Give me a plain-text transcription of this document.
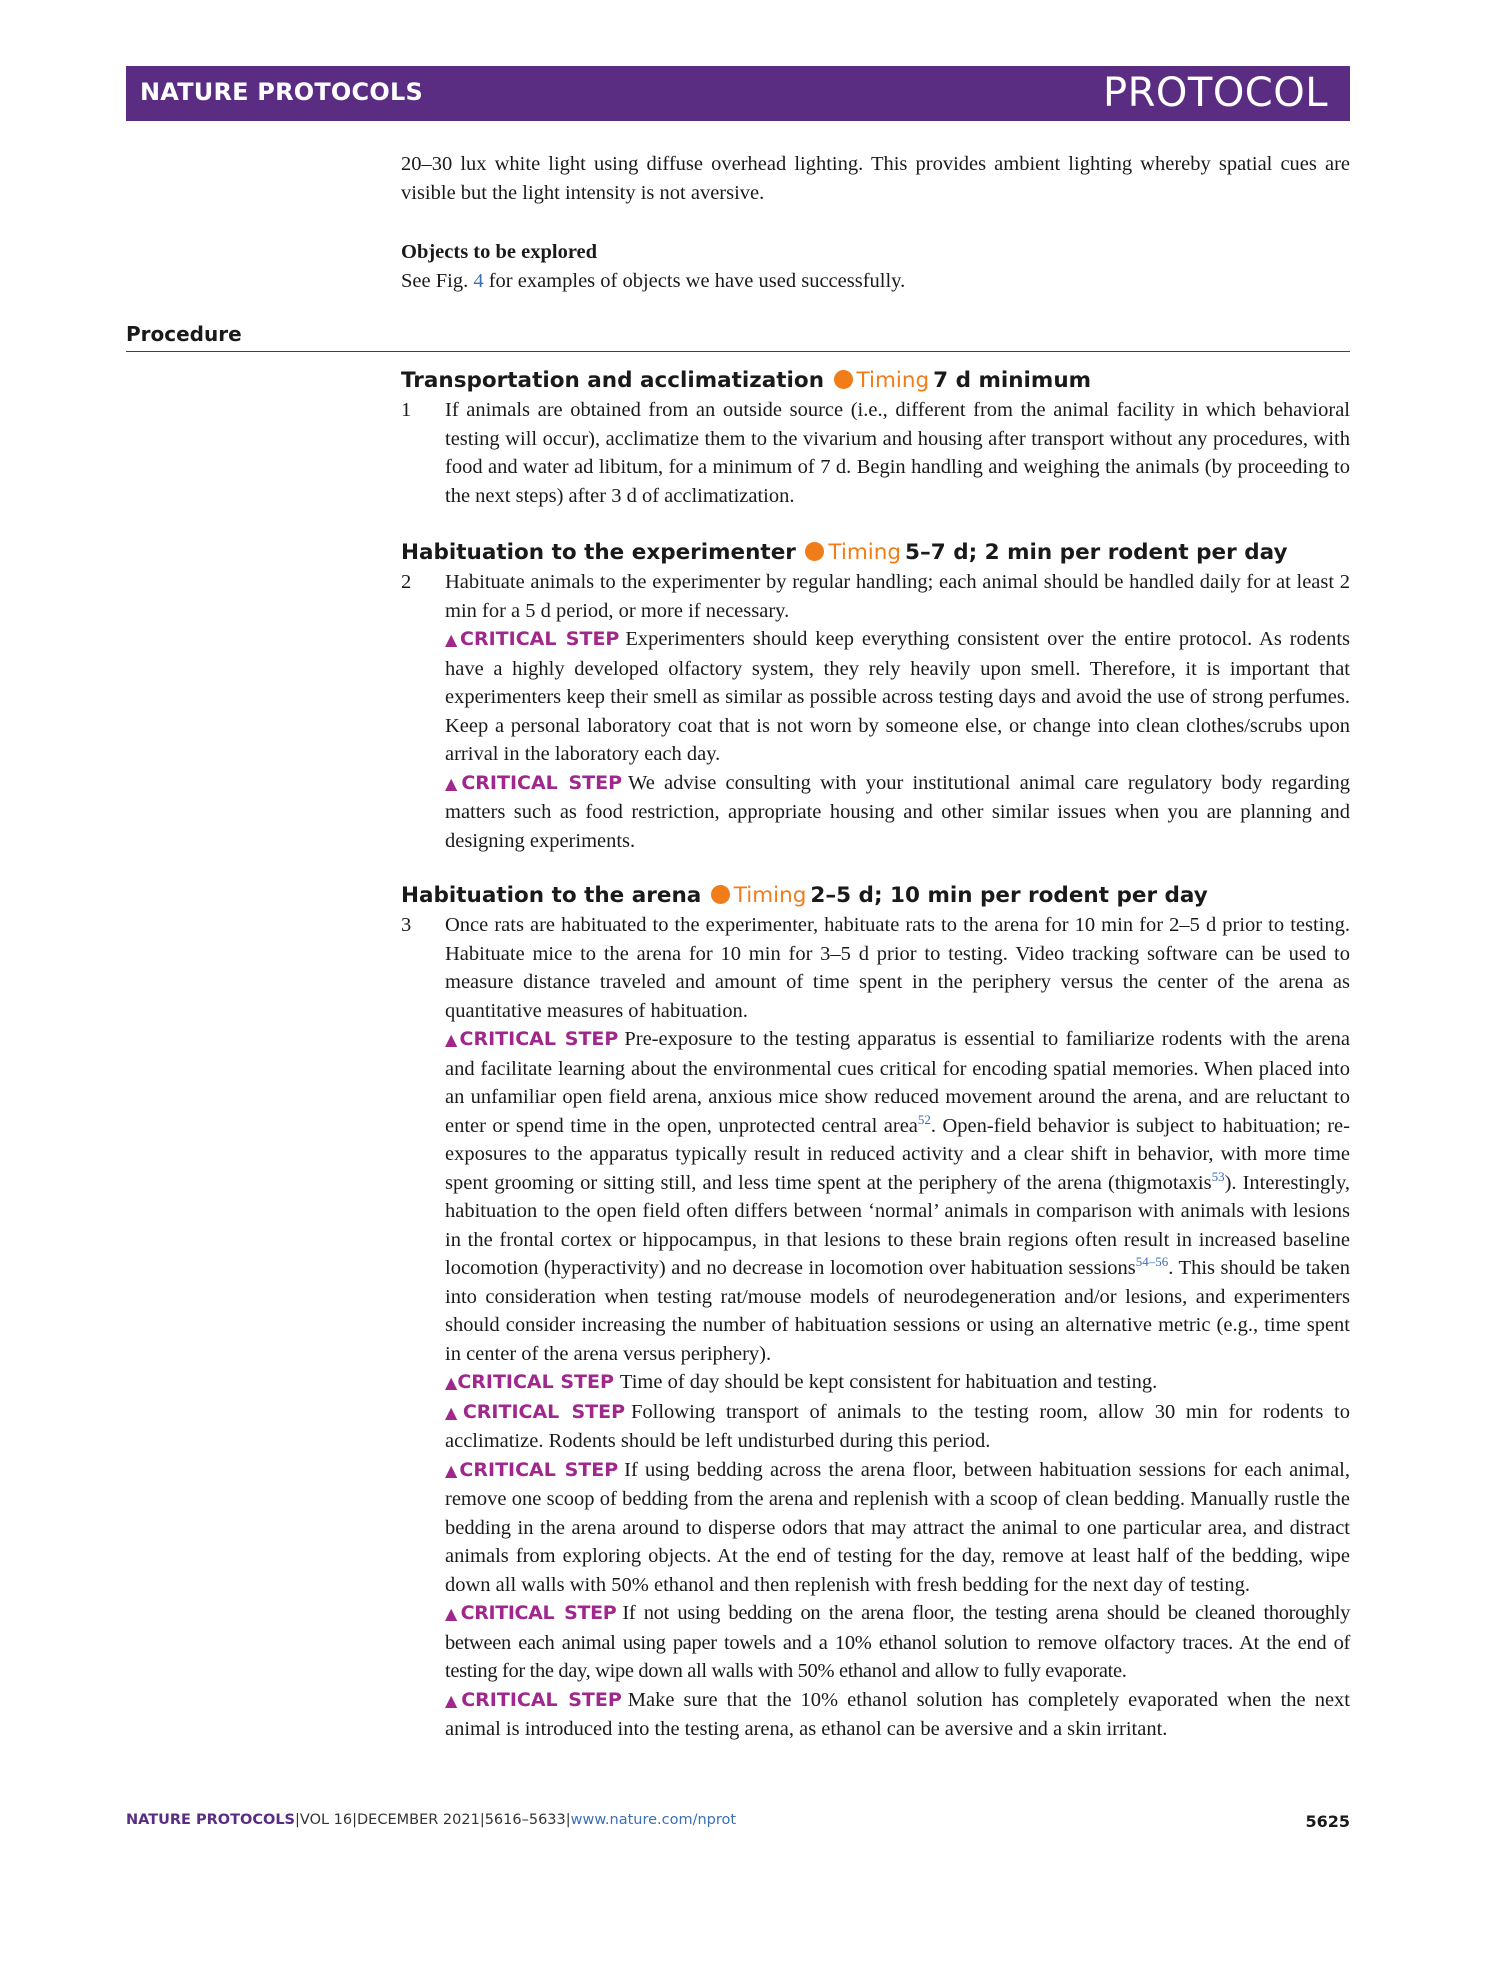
NATURE PROTOCOLS	PROTOCOL

20–30 lux white light using diffuse overhead lighting. This provides ambient lighting whereby spatial cues are visible but the light intensity is not aversive.

Objects to be explored

See Fig. 4 for examples of objects we have used successfully.

Procedure
Transportation and acclimatization Timing 7 d minimum
1 If animals are obtained from an outside source (i.e., different from the animal facility in which behavioral testing will occur), acclimatize them to the vivarium and housing after transport without any procedures, with food and water ad libitum, for a minimum of 7 d. Begin handling and weighing the animals (by proceeding to the next steps) after 3 d of acclimatization.

Habituation to the experimenter Timing 5–7 d; 2 min per rodent per day
2 Habituate animals to the experimenter by regular handling; each animal should be handled daily for at least 2 min for a 5 d period, or more if necessary.

▲CRITICAL STEP Experimenters should keep everything consistent over the entire protocol. As rodents have a highly developed olfactory system, they rely heavily upon smell. Therefore, it is important that experimenters keep their smell as similar as possible across testing days and avoid the use of strong perfumes. Keep a personal laboratory coat that is not worn by someone else, or change into clean clothes/scrubs upon arrival in the laboratory each day.

▲CRITICAL STEP We advise consulting with your institutional animal care regulatory body regarding matters such as food restriction, appropriate housing and other similar issues when you are planning and designing experiments.

Habituation to the arena Timing 2–5 d; 10 min per rodent per day
3 Once rats are habituated to the experimenter, habituate rats to the arena for 10 min for 2–5 d prior to testing. Habituate mice to the arena for 10 min for 3–5 d prior to testing. Video tracking software can be used to measure distance traveled and amount of time spent in the periphery versus the center of the arena as quantitative measures of habituation.

▲CRITICAL STEP Pre-exposure to the testing apparatus is essential to familiarize rodents with the arena and facilitate learning about the environmental cues critical for encoding spatial memories. When placed into an unfamiliar open field arena, anxious mice show reduced movement around the arena, and are reluctant to enter or spend time in the open, unprotected central area$^{52}$. Open-field behavior is subject to habituation; re-exposures to the apparatus typically result in reduced activity and a clear shift in behavior, with more time spent grooming or sitting still, and less time spent at the periphery of the arena (thigmotaxis$^{53}$). Interestingly, habituation to the open field often differs between ‘normal’ animals in comparison with animals with lesions in the frontal cortex or hippocampus, in that lesions to these brain regions often result in increased baseline locomotion (hyperactivity) and no decrease in locomotion over habituation sessions$^{54-56}$. This should be taken into consideration when testing rat/mouse models of neurodegeneration and/or lesions, and experimenters should consider increasing the number of habituation sessions or using an alternative metric (e.g., time spent in center of the arena versus periphery).

▲CRITICAL STEP Time of day should be kept consistent for habituation and testing.

▲CRITICAL STEP Following transport of animals to the testing room, allow 30 min for rodents to acclimatize. Rodents should be left undisturbed during this period.

▲CRITICAL STEP If using bedding across the arena floor, between habituation sessions for each animal, remove one scoop of bedding from the arena and replenish with a scoop of clean bedding. Manually rustle the bedding in the arena around to disperse odors that may attract the animal to one particular area, and distract animals from exploring objects. At the end of testing for the day, remove at least half of the bedding, wipe down all walls with 50% ethanol and then replenish with fresh bedding for the next day of testing.

▲CRITICAL STEP If not using bedding on the arena floor, the testing arena should be cleaned thoroughly between each animal using paper towels and a 10% ethanol solution to remove olfactory traces. At the end of testing for the day, wipe down all walls with 50% ethanol and allow to fully evaporate.

▲CRITICAL STEP Make sure that the 10% ethanol solution has completely evaporated when the next animal is introduced into the testing arena, as ethanol can be aversive and a skin irritant.

NATURE PROTOCOLS|VOL 16|DECEMBER 2021|5616–5633|www.nature.com/nprot	5625
